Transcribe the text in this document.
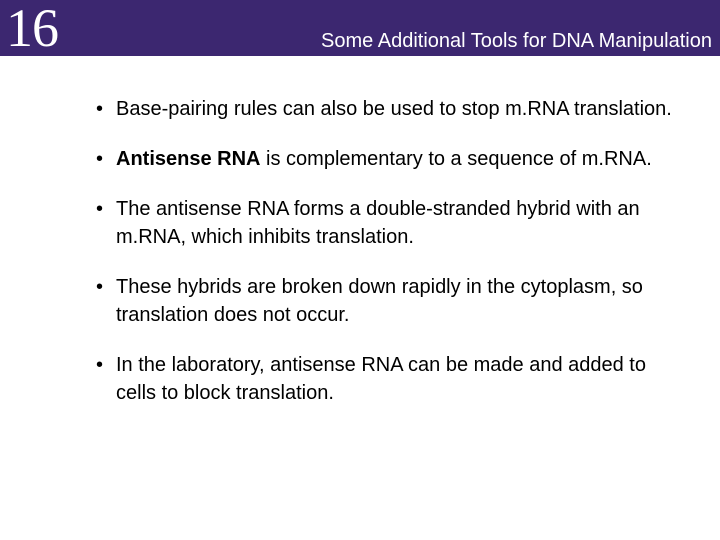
16	Some Additional Tools for DNA Manipulation
• Base-pairing rules can also be used to stop m.RNA translation.
• Antisense RNA is complementary to a sequence of m.RNA.
• The antisense RNA forms a double-stranded hybrid with an m.RNA, which inhibits translation.
• These hybrids are broken down rapidly in the cytoplasm, so translation does not occur.
• In the laboratory, antisense RNA can be made and added to cells to block translation.
